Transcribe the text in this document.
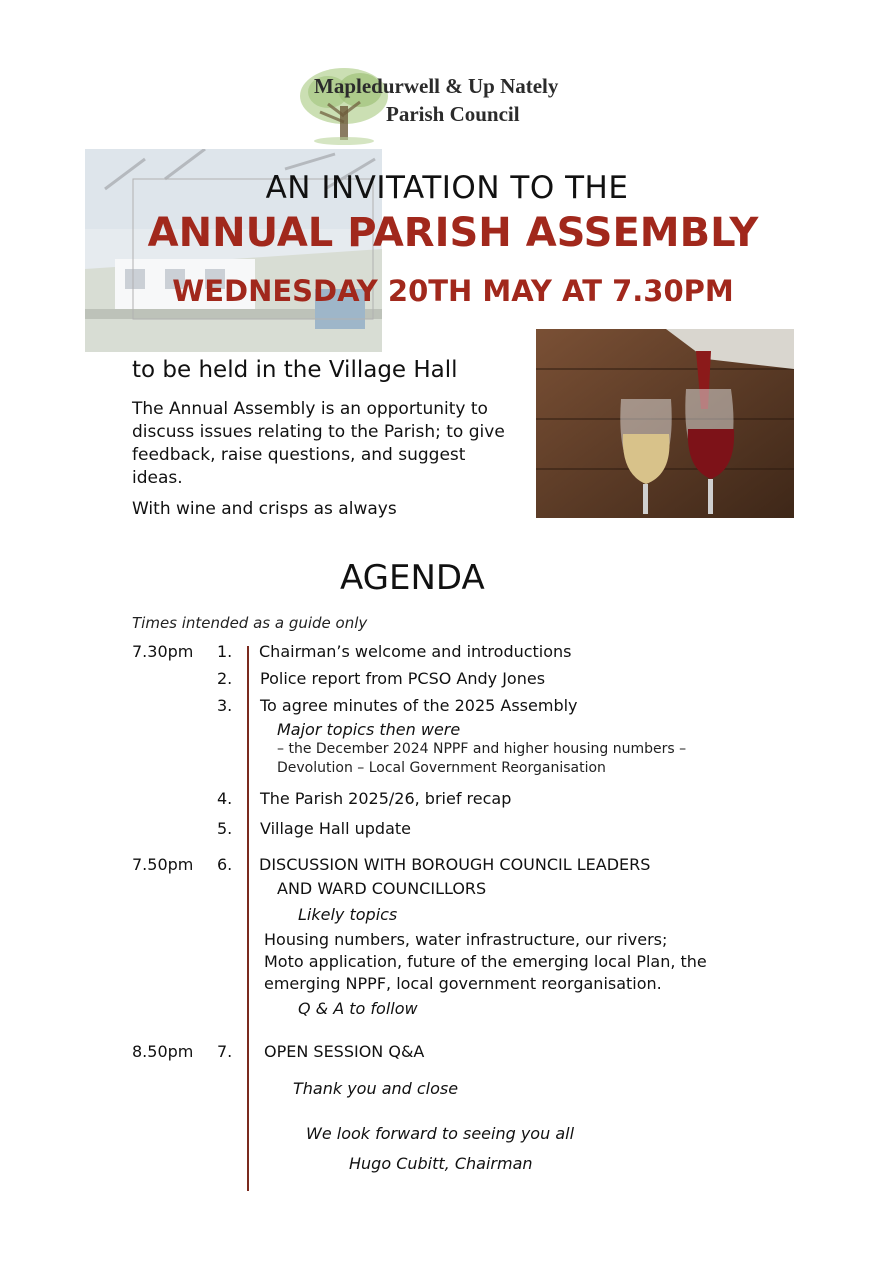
Mapledurwell & Up Nately
Parish Council
AN INVITATION TO THE
ANNUAL PARISH ASSEMBLY
WEDNESDAY 20TH MAY AT 7.30PM
to be held in the Village Hall
The Annual Assembly is an opportunity to discuss issues relating to the Parish; to give feedback, raise questions, and suggest ideas.
With wine and crisps as always
AGENDA
Times intended as a guide only
7.30pm 1. Chairman’s welcome and introductions
2. Police report from PCSO Andy Jones
3. To agree minutes of the 2025 Assembly
Major topics then were
– the December 2024 NPPF and higher housing numbers –
Devolution – Local Government Reorganisation
4. The Parish 2025/26, brief recap
5. Village Hall update
7.50pm 6. DISCUSSION WITH BOROUGH COUNCIL LEADERS
AND WARD COUNCILLORS
Likely topics
Housing numbers, water infrastructure, our rivers;
Moto application, future of the emerging local Plan, the
emerging NPPF, local government reorganisation.
Q & A to follow
8.50pm 7. OPEN SESSION Q&A
Thank you and close
We look forward to seeing you all
Hugo Cubitt, Chairman
